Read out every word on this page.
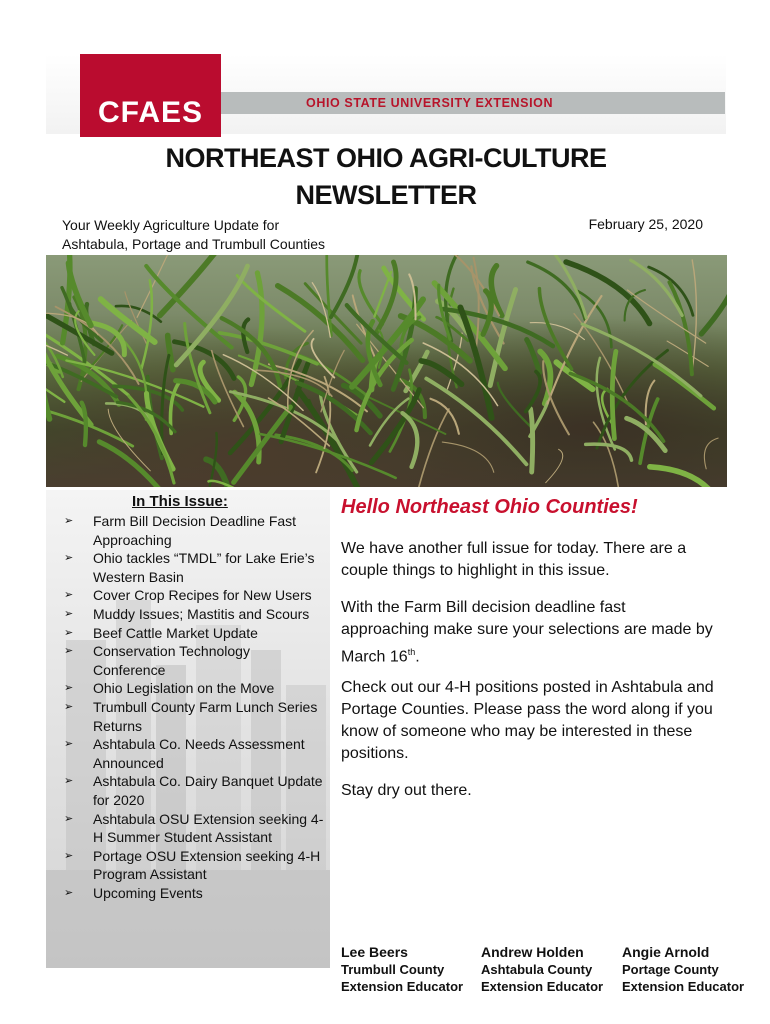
OHIO STATE UNIVERSITY EXTENSION
CFAES
NORTHEAST OHIO AGRI-CULTURE
NEWSLETTER
Your Weekly Agriculture Update for
Ashtabula, Portage and Trumbull Counties
February 25, 2020
In This Issue:
➢ Farm Bill Decision Deadline Fast Approaching
➢ Ohio tackles “TMDL” for Lake Erie’s Western Basin
➢ Cover Crop Recipes for New Users
➢ Muddy Issues; Mastitis and Scours
➢ Beef Cattle Market Update
➢ Conservation Technology Conference
➢ Ohio Legislation on the Move
➢ Trumbull County Farm Lunch Series Returns
➢ Ashtabula Co. Needs Assessment Announced
➢ Ashtabula Co. Dairy Banquet Update for 2020
➢ Ashtabula OSU Extension seeking 4-H Summer Student Assistant
➢ Portage OSU Extension seeking 4-H Program Assistant
➢ Upcoming Events
Hello Northeast Ohio Counties!
We have another full issue for today. There are a couple things to highlight in this issue.
With the Farm Bill decision deadline fast approaching make sure your selections are made by March 16th.
Check out our 4-H positions posted in Ashtabula and Portage Counties. Please pass the word along if you know of someone who may be interested in these positions.
Stay dry out there.
Lee Beers
Trumbull County
Extension Educator
Andrew Holden
Ashtabula County
Extension Educator
Angie Arnold
Portage County
Extension Educator
